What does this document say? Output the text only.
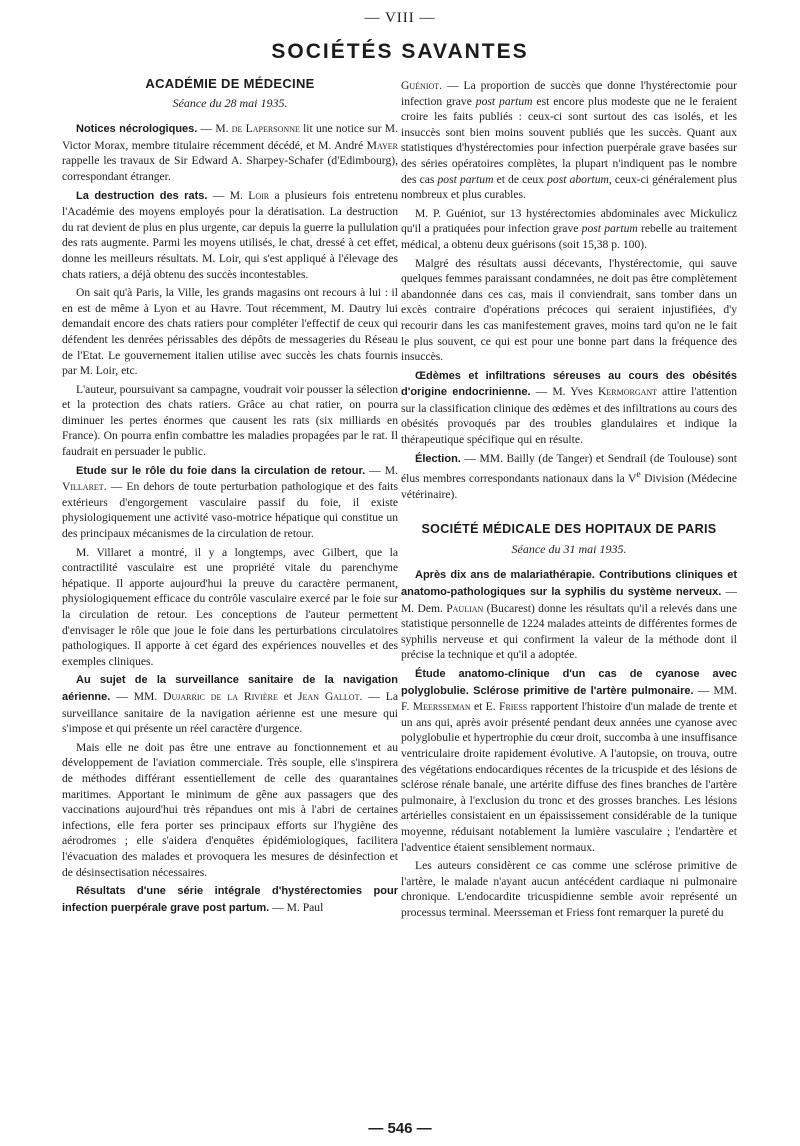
— VIII —
SOCIÉTÉS SAVANTES
ACADÉMIE DE MÉDECINE
Séance du 28 mai 1935.

Notices nécrologiques. — M. de Lapersonne lit une notice sur M. Victor Morax, membre titulaire récemment décédé, et M. André Mayer rappelle les travaux de Sir Edward A. Sharpey-Schafer (d'Edimbourg), correspondant étranger.

La destruction des rats. — M. Loir a plusieurs fois entretenu l'Académie des moyens employés pour la dératisation. La destruction du rat devient de plus en plus urgente, car depuis la guerre la pullulation des rats augmente. Parmi les moyens utilisés, le chat, dressé à cet effet, donne les meilleurs résultats. M. Loir, qui s'est appliqué à l'élevage des chats ratiers, a déjà obtenu des succès incontestables.

On sait qu'à Paris, la Ville, les grands magasins ont recours à lui : il en est de même à Lyon et au Havre. Tout récemment, M. Dautry lui demandait encore des chats ratiers pour compléter l'effectif de ceux qui défendent les denrées périssables des dépôts de messageries du Réseau de l'Etat. Le gouvernement italien utilise avec succès les chats fournis par M. Loir, etc.

L'auteur, poursuivant sa campagne, voudrait voir pousser la sélection et la protection des chats ratiers. Grâce au chat ratier, on pourra diminuer les pertes énormes que causent les rats (six milliards en France). On pourra enfin combattre les maladies propagées par le rat. Il faudrait en persuader le public.

Etude sur le rôle du foie dans la circulation de retour. — M. Villaret. — En dehors de toute perturbation pathologique et des faits extérieurs d'engorgement vasculaire passif du foie, il existe physiologiquement une activité vaso-motrice hépatique qui constitue un des principaux mécanismes de la circulation de retour.

M. Villaret a montré, il y a longtemps, avec Gilbert, que la contractilité vasculaire est une propriété vitale du parenchyme hépatique. Il apporte aujourd'hui la preuve du caractère permanent, physiologiquement efficace du contrôle vasculaire exercé par le foie sur la circulation de retour. Les conceptions de l'auteur permettent d'envisager le rôle que joue le foie dans les perturbations circulatoires pathologiques. Il apporte à cet égard des expériences nouvelles et des exemples cliniques.

Au sujet de la surveillance sanitaire de la navigation aérienne. — MM. Dujarric de la Rivière et Jean Gallot. — La surveillance sanitaire de la navigation aérienne est une mesure qui s'impose et qui présente un réel caractère d'urgence.

Mais elle ne doit pas être une entrave au fonctionnement et au développement de l'aviation commerciale. Très souple, elle s'inspirera de méthodes différant essentiellement de celle des quarantaines maritimes. Apportant le minimum de gêne aux passagers que des vaccinations aujourd'hui très répandues ont mis à l'abri de certaines infections, elle fera porter ses principaux efforts sur l'hygiène des aérodromes ; elle s'aidera d'enquêtes épidémiologiques, facilitera l'évacuation des malades et provoquera les mesures de désinfection et de désinsectisation nécessaires.

Résultats d'une série intégrale d'hystérectomies pour infection puerpérale grave post partum. — M. Paul

Guéniot. — La proportion de succès que donne l'hystérectomie pour infection grave post partum est encore plus modeste que ne le feraient croire les faits publiés : ceux-ci sont surtout des cas isolés, et les insuccès sont bien moins souvent publiés que les succès. Quant aux statistiques d'hystérectomies pour infection puerpérale grave basées sur des séries opératoires complètes, la plupart n'indiquent pas le nombre des cas post partum et de ceux post abortum, ceux-ci généralement plus nombreux et plus curables.

M. P. Guéniot, sur 13 hystérectomies abdominales avec Mickulicz qu'il a pratiquées pour infection grave post partum rebelle au traitement médical, a obtenu deux guérisons (soit 15,38 p. 100).

Malgré des résultats aussi décevants, l'hystérectomie, qui sauve quelques femmes paraissant condamnées, ne doit pas être complètement abandonnée dans ces cas, mais il conviendrait, sans tomber dans un excès contraire d'opérations précoces qui seraient injustifiées, d'y recourir dans les cas manifestement graves, moins tard qu'on ne le fait le plus souvent, ce qui est pour une bonne part dans la fréquence des insuccès.

Œdèmes et infiltrations séreuses au cours des obésités d'origine endocrinienne. — M. Yves Kermorgant attire l'attention sur la classification clinique des œdèmes et des infiltrations au cours des obésités provoqués par des troubles glandulaires et indique la thérapeutique spécifique qui en résulte.

Élection. — MM. Bailly (de Tanger) et Sendrail (de Toulouse) sont élus membres correspondants nationaux dans la Ve Division (Médecine vétérinaire).

SOCIÉTÉ MÉDICALE DES HOPITAUX DE PARIS
Séance du 31 mai 1935.

Après dix ans de malariathérapie. Contributions cliniques et anatomo-pathologiques sur la syphilis du système nerveux. — M. Dem. Paulian (Bucarest) donne les résultats qu'il a relevés dans une statistique personnelle de 1224 malades atteints de différentes formes de syphilis nerveuse et qui confirment la valeur de la méthode dont il précise la technique et qu'il a adoptée.

Étude anatomo-clinique d'un cas de cyanose avec polyglobulie. Sclérose primitive de l'artère pulmonaire. — MM. F. Meersseman et E. Friess rapportent l'histoire d'un malade de trente et un ans qui, après avoir présenté pendant deux années une cyanose avec polyglobulie et hypertrophie du cœur droit, succomba à une insuffisance ventriculaire droite rapidement évolutive. A l'autopsie, on trouva, outre des végétations endocardiques récentes de la tricuspide et des lésions de sclérose rénale banale, une artérite diffuse des fines branches de l'artère pulmonaire, à l'exclusion du tronc et des grosses branches. Les lésions artérielles consistaient en un épaississement considérable de la tunique moyenne, réduisant notablement la lumière vasculaire ; l'endartère et l'adventice étaient sensiblement normaux.

Les auteurs considèrent ce cas comme une sclérose primitive de l'artère, le malade n'ayant aucun antécédent cardiaque ni pulmonaire chronique. L'endocardite tricuspidienne semble avoir représenté un processus terminal. Meersseman et Friess font remarquer la pureté du

— 546 —
